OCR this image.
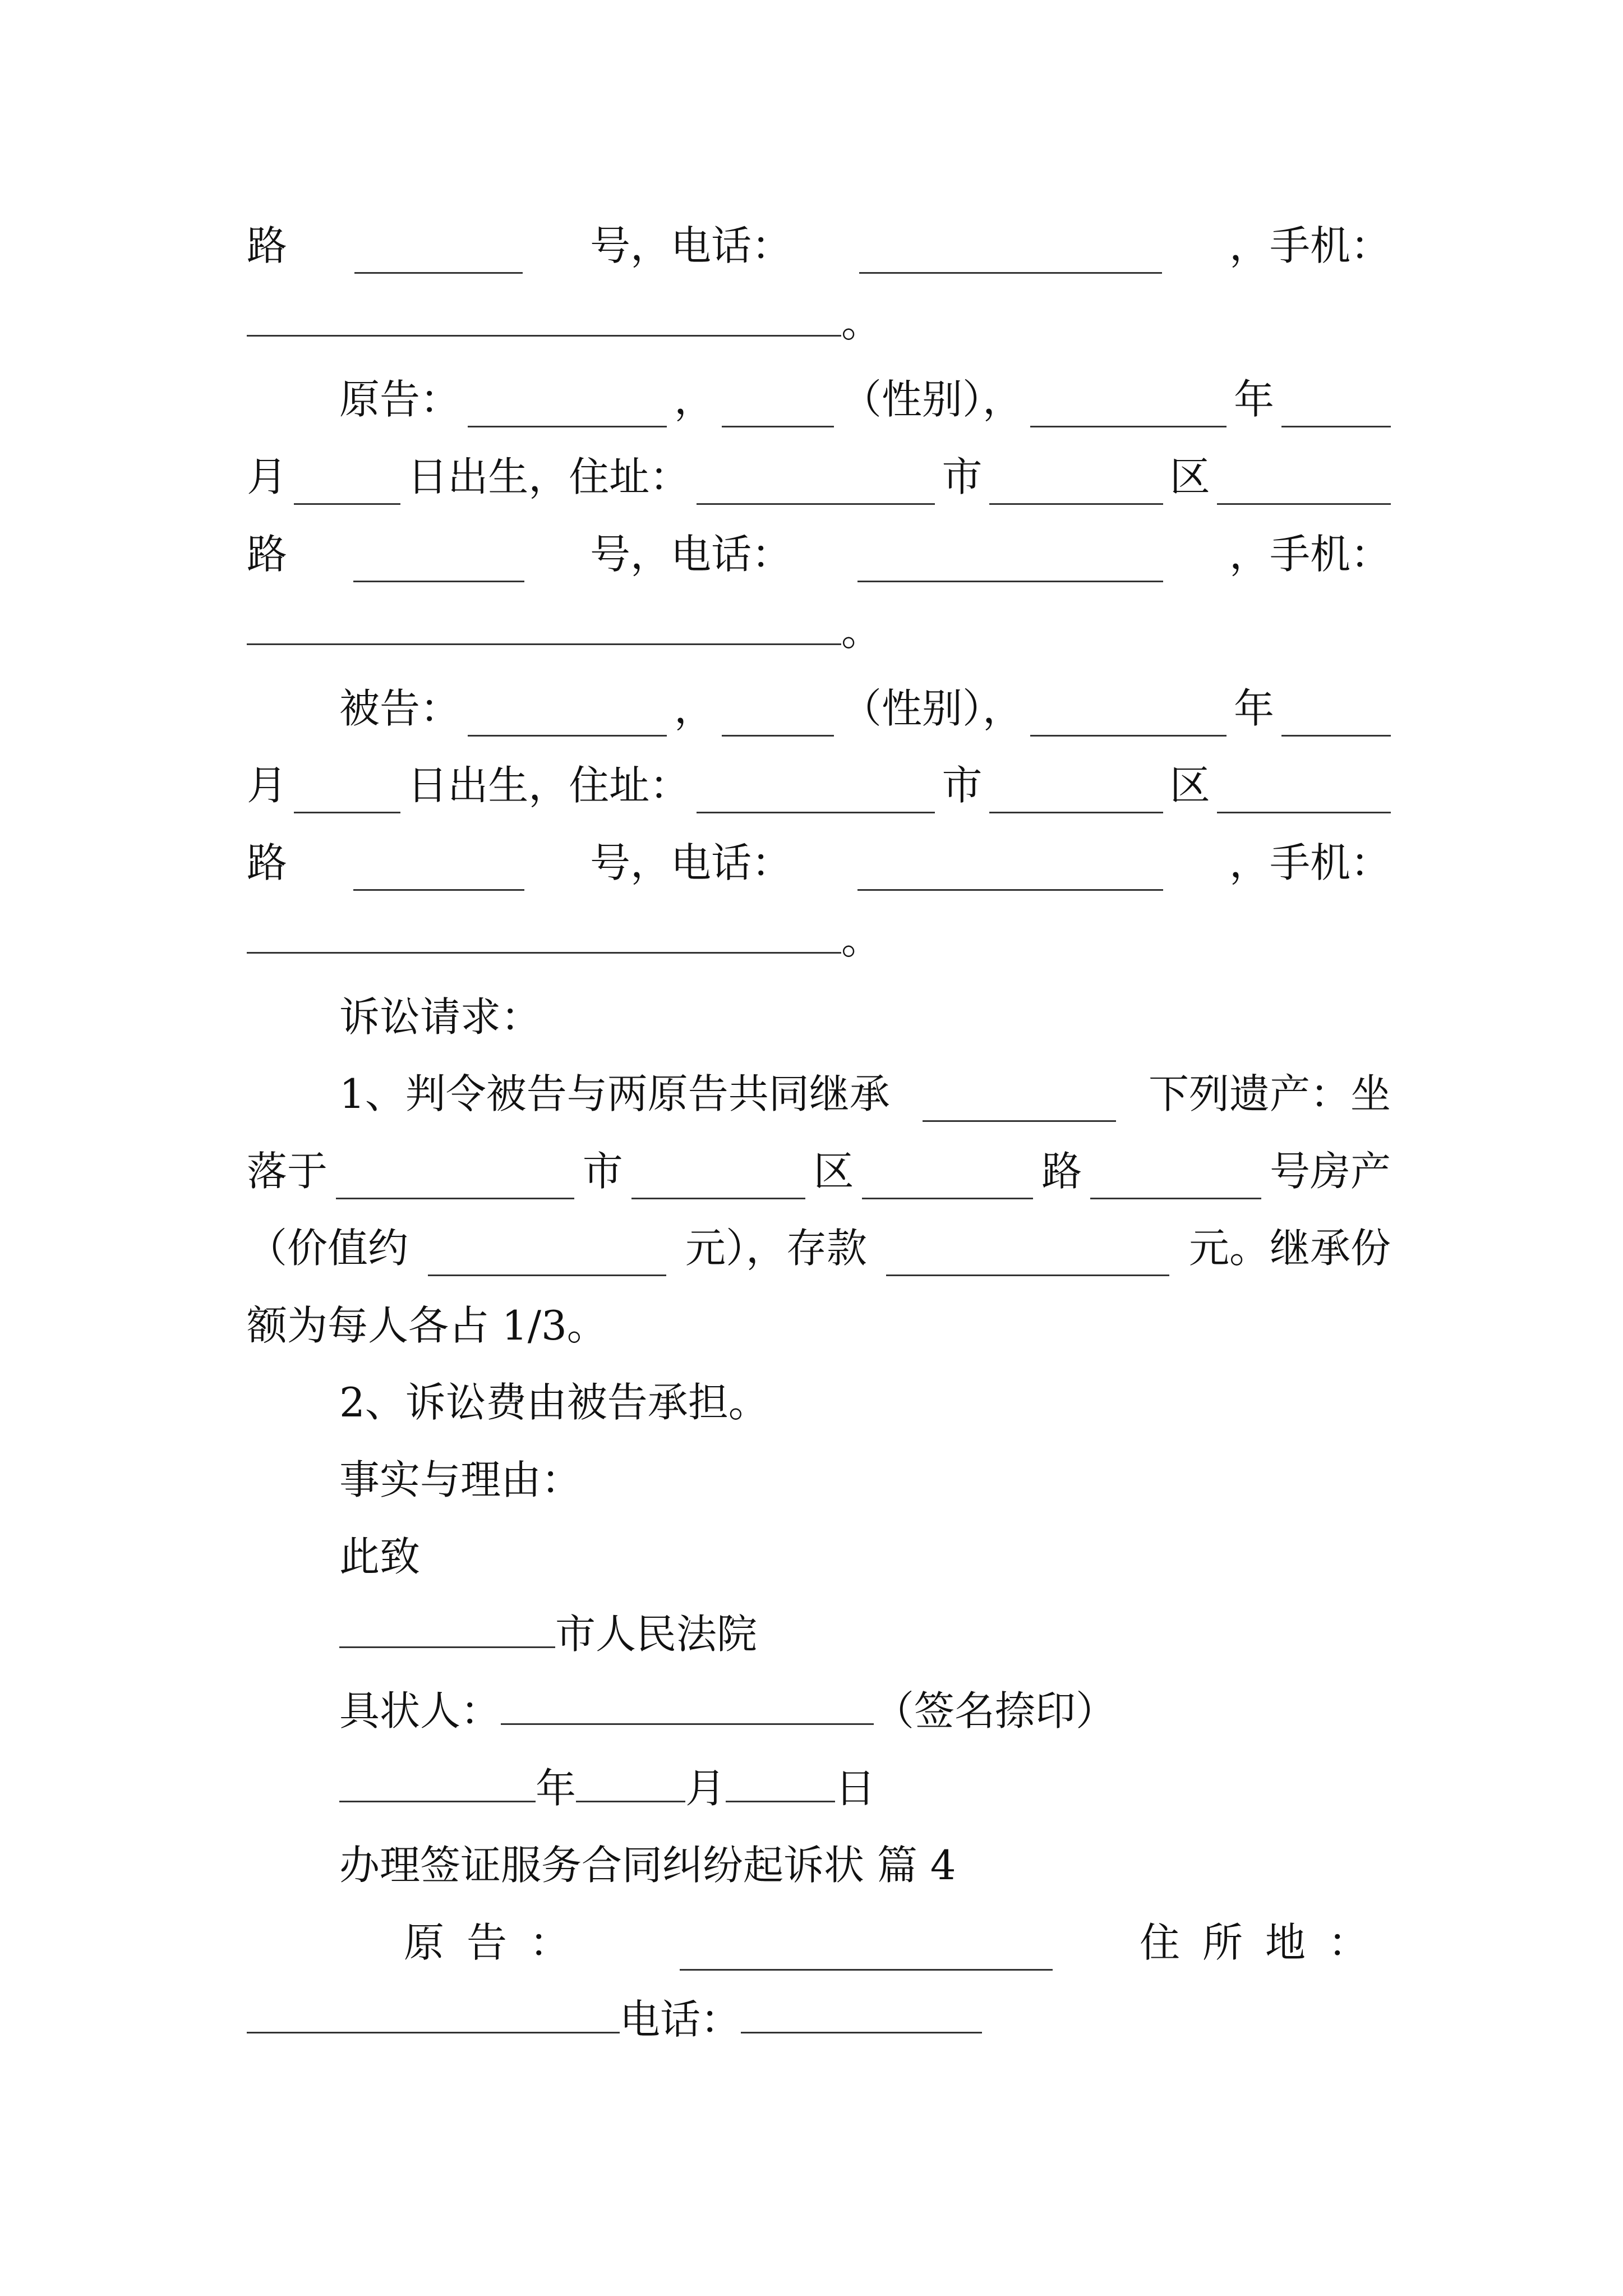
路	号，电话：	，手机：
。
原告：	，	（性别），	年
月	日出生，住址：	市	区
路	号，电话：	，手机：
。
被告：	，	（性别），	年
月	日出生，住址：	市	区
路	号，电话：	，手机：
。
诉讼请求：
1、判令被告与两原告共同继承	下列遗产：坐
落于	市	区	路	号房产
（价值约	元），存款	元。继承份
额为每人各占 1/3。
2、诉讼费由被告承担。
事实与理由：
此致
市人民法院
具状人：	（签名捺印）
年	月	日
办理签证服务合同纠纷起诉状 篇 4
原告：	住所地：
电话：
